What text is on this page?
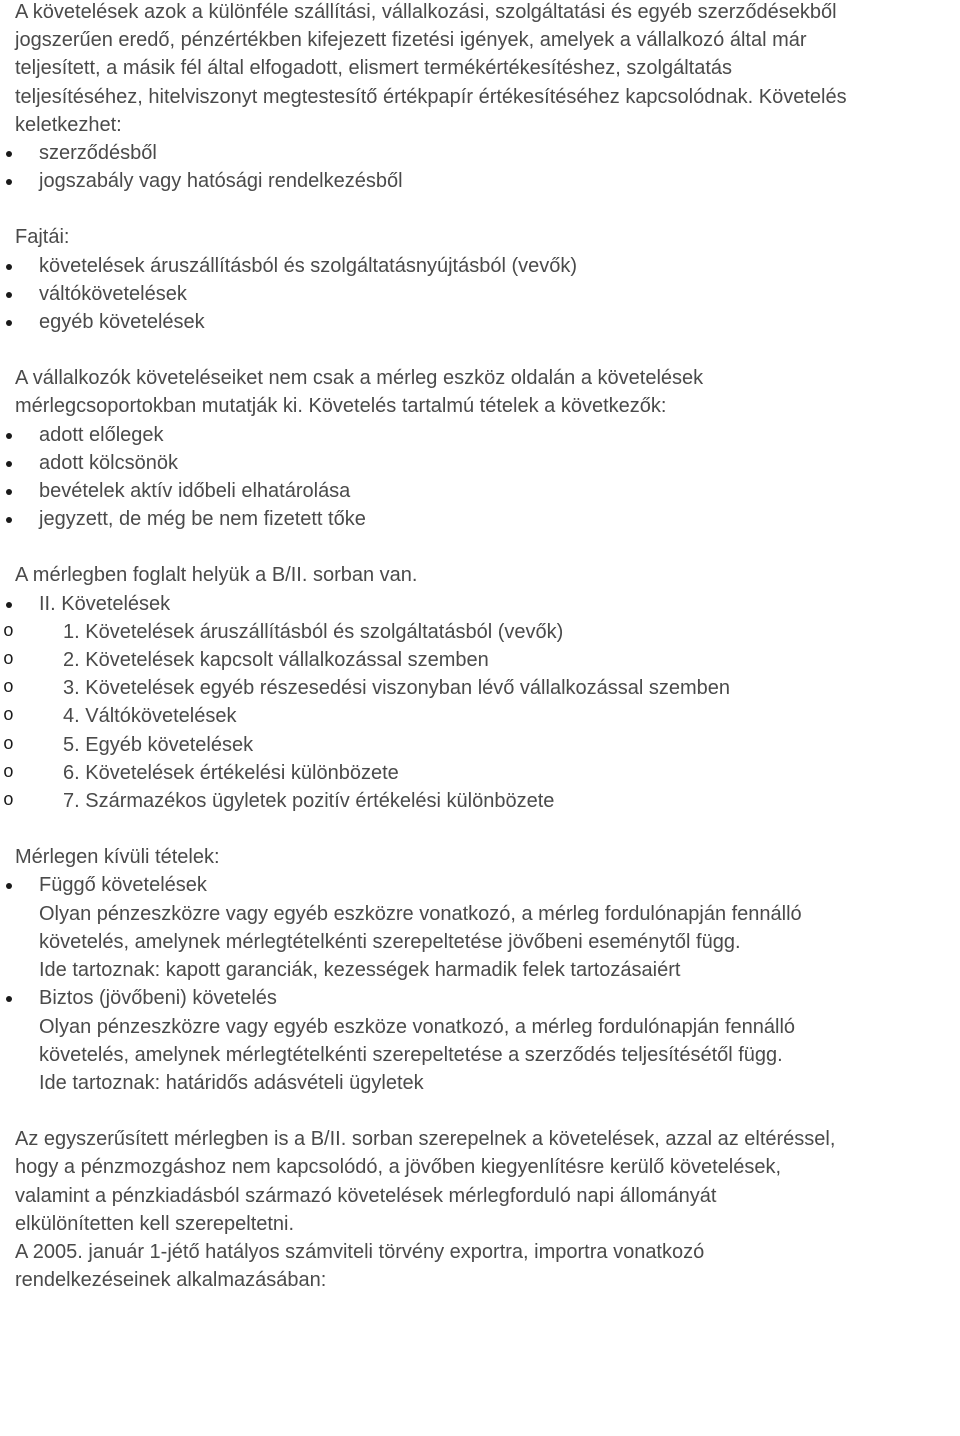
A követelések azok a különféle szállítási, vállalkozási, szolgáltatási és egyéb szerződésekből
jogszerűen eredő, pénzértékben kifejezett fizetési igények, amelyek a vállalkozó által már
teljesített, a másik fél által elfogadott, elismert termékértékesítéshez, szolgáltatás
teljesítéséhez, hitelviszonyt megtestesítő értékpapír értékesítéséhez kapcsolódnak. Követelés keletkezhet:

szerződésből
jogszabály vagy hatósági rendelkezésből

Fajtái:

követelések áruszállításból és szolgáltatásnyújtásból (vevők)
váltókövetelések
egyéb követelések

A vállalkozók követeléseiket nem csak a mérleg eszköz oldalán a követelések
mérlegcsoportokban mutatják ki. Követelés tartalmú tételek a következők:

adott előlegek
adott kölcsönök
bevételek aktív időbeli elhatárolása
jegyzett, de még be nem fizetett tőke

A mérlegben foglalt helyük a B/II. sorban van.

II. Követelések
o 1. Követelések áruszállításból és szolgáltatásból (vevők)
o 2. Követelések kapcsolt vállalkozással szemben
o 3. Követelések egyéb részesedési viszonyban lévő vállalkozással szemben
o 4. Váltókövetelések
o 5. Egyéb követelések
o 6. Követelések értékelési különbözete
o 7. Származékos ügyletek pozitív értékelési különbözete

Mérlegen kívüli tételek:

Függő követelések
Olyan pénzeszközre vagy egyéb eszközre vonatkozó, a mérleg fordulónapján fennálló
követelés, amelynek mérlegtételkénti szerepeltetése jövőbeni eseménytől függ.
Ide tartoznak: kapott garanciák, kezességek harmadik felek tartozásaiért
Biztos (jövőbeni) követelés
Olyan pénzeszközre vagy egyéb eszköze vonatkozó, a mérleg fordulónapján fennálló
követelés, amelynek mérlegtételkénti szerepeltetése a szerződés teljesítésétől függ.
Ide tartoznak: határidős adásvételi ügyletek

Az egyszerűsített mérlegben is a B/II. sorban szerepelnek a követelések, azzal az eltéréssel,
hogy a pénzmozgáshoz nem kapcsolódó, a jövőben kiegyenlítésre kerülő követelések,
valamint a pénzkiadásból származó követelések mérlegforduló napi állományát
elkülönítetten kell szerepeltetni.

A 2005. január 1-jétő hatályos számviteli törvény exportra, importra vonatkozó
rendelkezéseinek alkalmazásában:
